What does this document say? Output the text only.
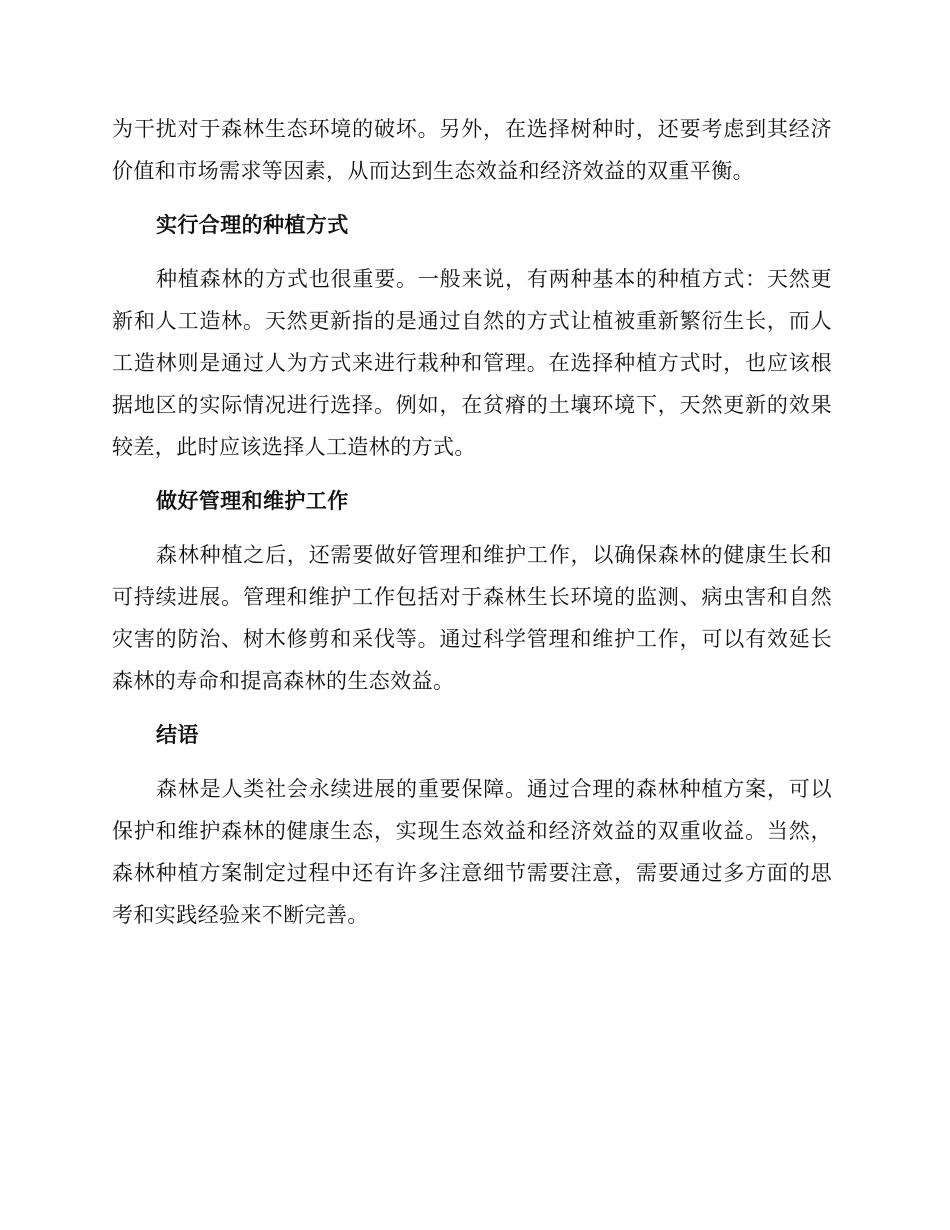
为干扰对于森林生态环境的破坏。另外，在选择树种时，还要考虑到其经济价值和市场需求等因素，从而达到生态效益和经济效益的双重平衡。

实行合理的种植方式

种植森林的方式也很重要。一般来说，有两种基本的种植方式：天然更新和人工造林。天然更新指的是通过自然的方式让植被重新繁衍生长，而人工造林则是通过人为方式来进行栽种和管理。在选择种植方式时，也应该根据地区的实际情况进行选择。例如，在贫瘠的土壤环境下，天然更新的效果较差，此时应该选择人工造林的方式。

做好管理和维护工作

森林种植之后，还需要做好管理和维护工作，以确保森林的健康生长和可持续进展。管理和维护工作包括对于森林生长环境的监测、病虫害和自然灾害的防治、树木修剪和采伐等。通过科学管理和维护工作，可以有效延长森林的寿命和提高森林的生态效益。

结语

森林是人类社会永续进展的重要保障。通过合理的森林种植方案，可以保护和维护森林的健康生态，实现生态效益和经济效益的双重收益。当然，森林种植方案制定过程中还有许多注意细节需要注意，需要通过多方面的思考和实践经验来不断完善。
